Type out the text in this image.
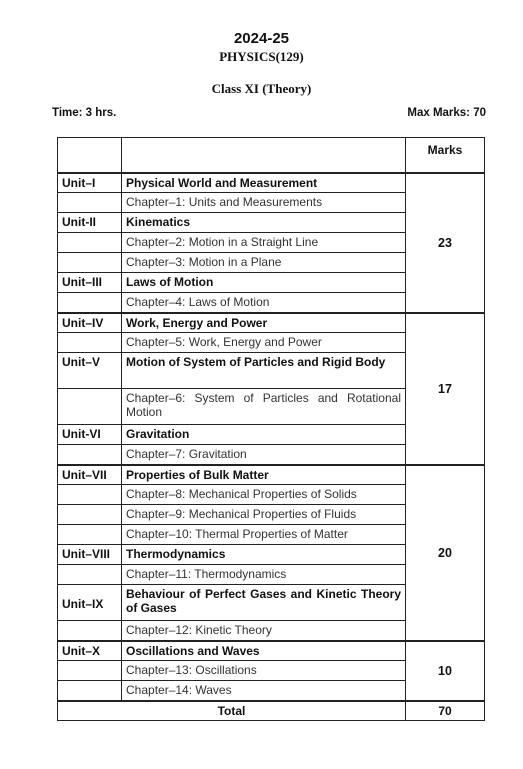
2024-25
PHYSICS(129)
Class XI (Theory)
Time: 3 hrs.	Max Marks: 70
		Marks
Unit–I	Physical World and Measurement	23
	Chapter–1: Units and Measurements	
Unit-II	Kinematics	
	Chapter–2: Motion in a Straight Line	
	Chapter–3: Motion in a Plane	
Unit–III	Laws of Motion	
	Chapter–4: Laws of Motion	
Unit–IV	Work, Energy and Power	17
	Chapter–5: Work, Energy and Power	
Unit–V	Motion of System of Particles and Rigid Body	
	Chapter–6: System of Particles and Rotational Motion	
Unit-VI	Gravitation	
	Chapter–7: Gravitation	
Unit–VII	Properties of Bulk Matter	20
	Chapter–8: Mechanical Properties of Solids	
	Chapter–9: Mechanical Properties of Fluids	
	Chapter–10: Thermal Properties of Matter	
Unit–VIII	Thermodynamics	
	Chapter–11: Thermodynamics	
Unit–IX	Behaviour of Perfect Gases and Kinetic Theory of Gases	
	Chapter–12: Kinetic Theory	
Unit–X	Oscillations and Waves	10
	Chapter–13: Oscillations	
	Chapter–14: Waves	
Total		70
